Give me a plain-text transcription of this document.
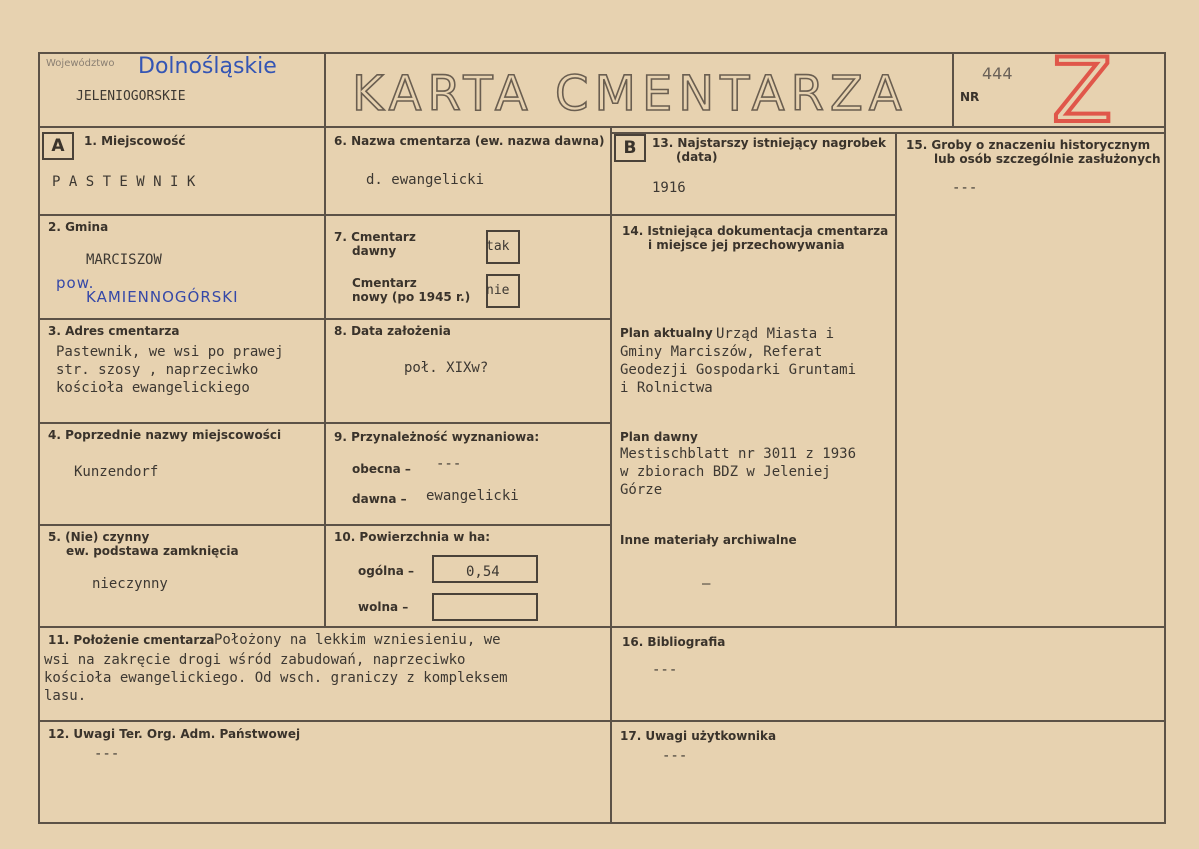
Województwo Dolnośląskie
JELENIOGORSKIE	KARTA CMENTARZA	NR
444 Z
A	B
1. Miejscowość
P A S T E W N I K
2. Gmina
MARCISZOW
pow.
KAMIENNOGÓRSKI
3. Adres cmentarza
Pastewnik, we wsi po prawej
str. szosy , naprzeciwko
kościoła ewangelickiego
4. Poprzednie nazwy miejscowości
Kunzendorf
5. (Nie) czynny
ew. podstawa zamknięcia
nieczynny
6. Nazwa cmentarza (ew. nazwa dawna)
d. ewangelicki
7. Cmentarz
dawny	tak
Cmentarz
nowy (po 1945 r.) nie
8. Data założenia
poł. XIXw?
9. Przynależność wyznaniowa:
obecna – ---
dawna – ewangelicki
10. Powierzchnia w ha:
ogólna –	0,54
wolna –
11. Położenie cmentarza Położony na lekkim wzniesieniu, we
wsi na zakręcie drogi wśród zabudowań, naprzeciwko
kościoła ewangelickiego. Od wsch. graniczy z kompleksem
lasu.
12. Uwagi Ter. Org. Adm. Państwowej
---
13. Najstarszy istniejący nagrobek
(data)
1916
14. Istniejąca dokumentacja cmentarza
i miejsce jej przechowywania
Plan aktualny Urząd Miasta i
Gminy Marciszów, Referat
Geodezji Gospodarki Gruntami
i Rolnictwa
Plan dawny
Mestischblatt nr 3011 z 1936
w zbiorach BDZ w Jeleniej
Górze
Inne materiały archiwalne
–
15. Groby o znaczeniu historycznym
lub osób szczególnie zasłużonych
---
16. Bibliografia
---
17. Uwagi użytkownika
---
